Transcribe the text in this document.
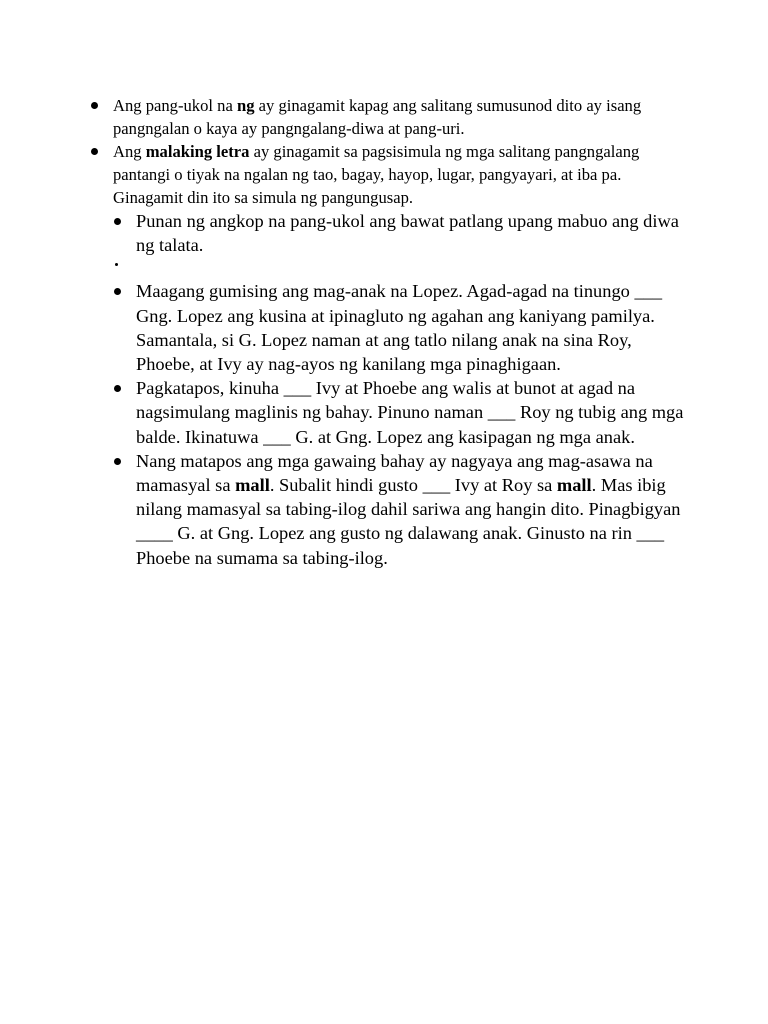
Ang pang-ukol na ng ay ginagamit kapag ang salitang sumusunod dito ay isang pangngalan o kaya ay pangngalang-diwa at pang-uri.
Ang malaking letra ay ginagamit sa pagsisimula ng mga salitang pangngalang pantangi o tiyak na ngalan ng tao, bagay, hayop, lugar, pangyayari, at iba pa. Ginagamit din ito sa simula ng pangungusap.
Punan ng angkop na pang-ukol ang bawat patlang upang mabuo ang diwa ng talata.
Maagang gumising ang mag-anak na Lopez. Agad-agad na tinungo ___ Gng. Lopez ang kusina at ipinagluto ng agahan ang kaniyang pamilya. Samantala, si G. Lopez naman at ang tatlo nilang anak na sina Roy, Phoebe, at Ivy ay nag-ayos ng kanilang mga pinaghigaan.
Pagkatapos, kinuha ___ Ivy at Phoebe ang walis at bunot at agad na nagsimulang maglinis ng bahay. Pinuno naman ___ Roy ng tubig ang mga balde. Ikinatuwa ___ G. at Gng. Lopez ang kasipagan ng mga anak.
Nang matapos ang mga gawaing bahay ay nagyaya ang mag-asawa na mamasyal sa mall. Subalit hindi gusto ___ Ivy at Roy sa mall. Mas ibig nilang mamasyal sa tabing-ilog dahil sariwa ang hangin dito. Pinagbigyan ____ G. at Gng. Lopez ang gusto ng dalawang anak. Ginusto na rin ___ Phoebe na sumama sa tabing-ilog.
